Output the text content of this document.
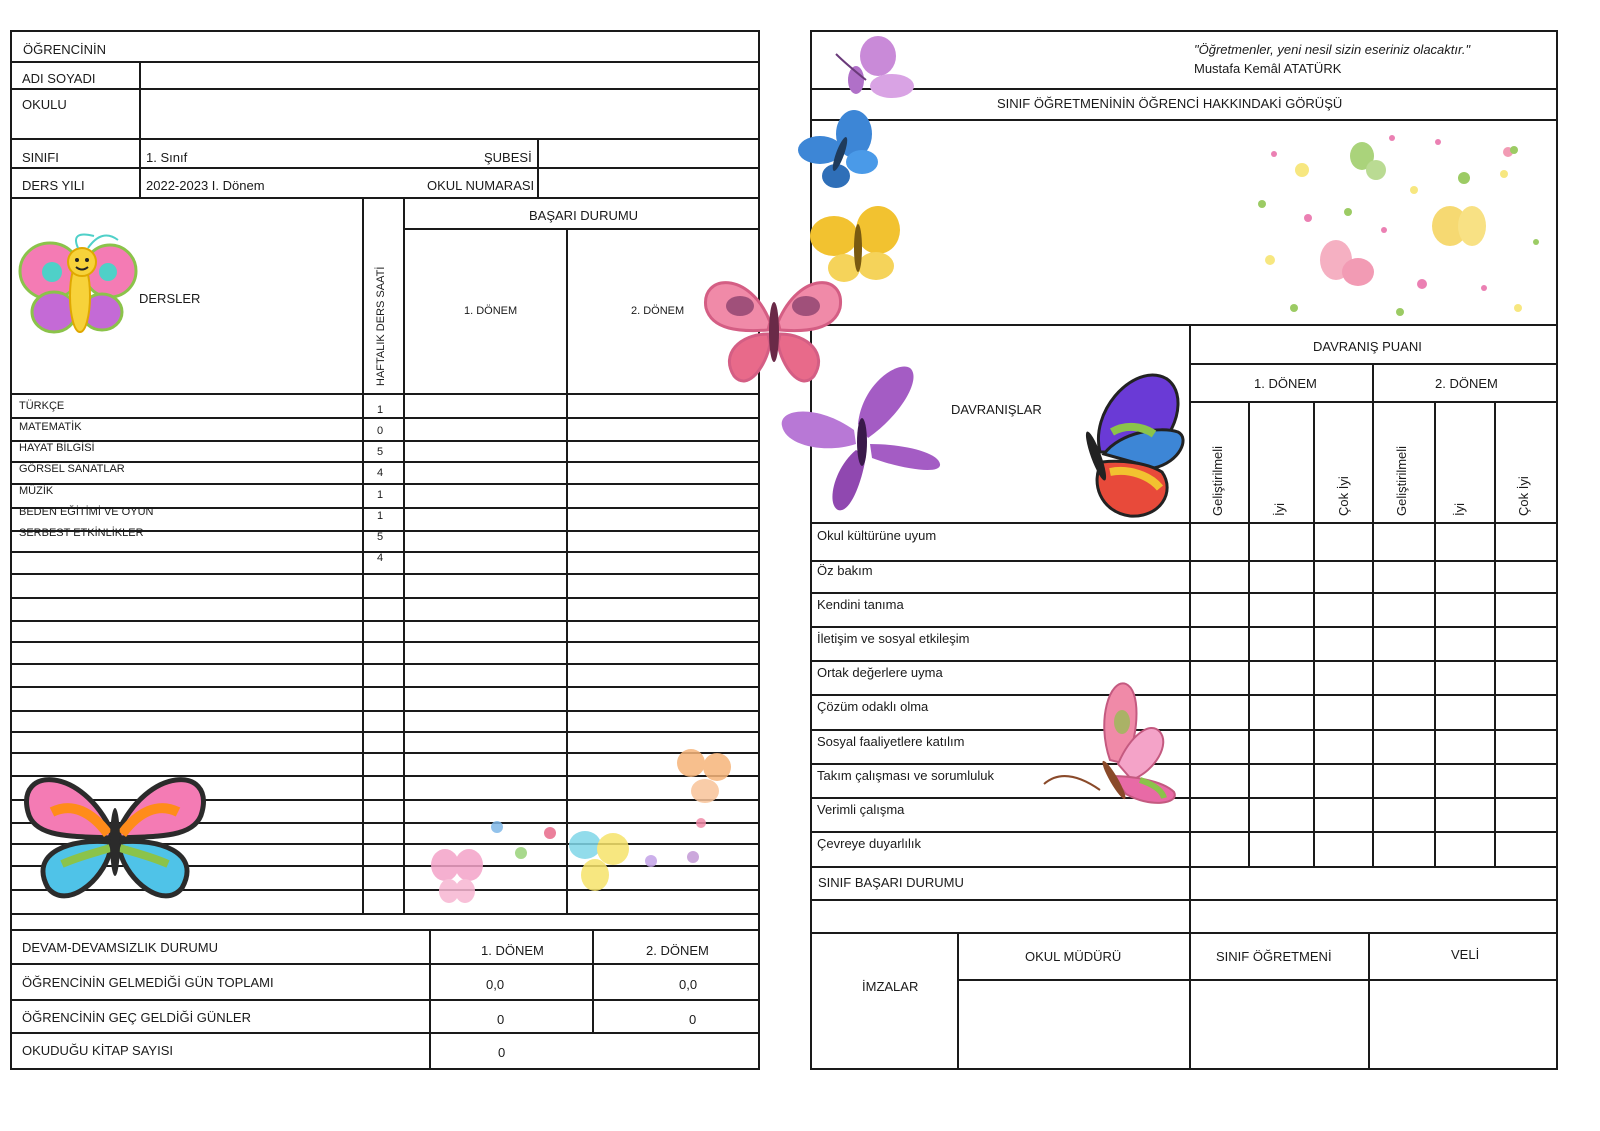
ÖĞRENCİNİN
ADI SOYADI
OKULU
SINIFI	1. Sınıf	ŞUBESİ
DERS YILI	2022-2023 I. Dönem	OKUL NUMARASI
BAŞARI DURUMU
1. DÖNEM	2. DÖNEM
DERSLER	HAFTALIK DERS SAATİ
TÜRKÇE	1
MATEMATİK	0
HAYAT BİLGİSİ	5
GÖRSEL SANATLAR	4
MÜZİK	1
BEDEN EĞİTİMİ VE OYUN	1
SERBEST ETKİNLİKLER	5
4
DEVAM-DEVAMSIZLIK DURUMU	1. DÖNEM	2. DÖNEM
ÖĞRENCİNİN GELMEDİĞİ GÜN TOPLAMI	0,0	0,0
ÖĞRENCİNİN GEÇ GELDİĞİ GÜNLER	0	0
OKUDUĞU KİTAP SAYISI	0
"Öğretmenler, yeni nesil sizin eseriniz olacaktır."
Mustafa Kemâl ATATÜRK
SINIF ÖĞRETMENİNİN ÖĞRENCİ HAKKINDAKİ GÖRÜŞÜ
DAVRANIŞ PUANI
1. DÖNEM	2. DÖNEM
DAVRANIŞLAR
Geliştirilmeli	İyi	Çok İyi	Geliştirilmeli	İyi	Çok İyi
Okul kültürüne uyum
Öz bakım
Kendini tanıma
İletişim ve sosyal etkileşim
Ortak değerlere uyma
Çözüm odaklı olma
Sosyal faaliyetlere katılım
Takım çalışması ve sorumluluk
Verimli çalışma
Çevreye duyarlılık
SINIF BAŞARI DURUMU
İMZALAR
OKUL MÜDÜRÜ	SINIF ÖĞRETMENİ	VELİ
